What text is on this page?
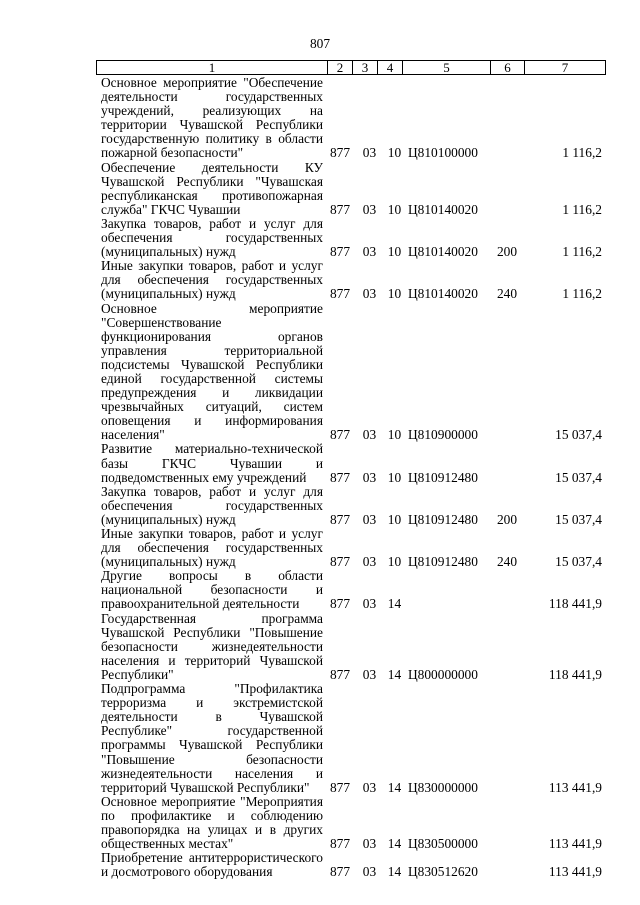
807
1	2	3	4	5	6	7
Основное мероприятие "Обеспечение деятельности государственных учреждений, реализующих на территории Чувашской Республики государственную политику в области пожарной безопасности"	877 03 10 Ц810100000	1 116,2
Обеспечение деятельности КУ Чувашской Республики "Чувашская республиканская противопожарная служба" ГКЧС Чувашии	877 03 10 Ц810140020	1 116,2
Закупка товаров, работ и услуг для обеспечения государственных (муниципальных) нужд	877 03 10 Ц810140020	200	1 116,2
Иные закупки товаров, работ и услуг для обеспечения государственных (муниципальных) нужд	877 03 10 Ц810140020	240	1 116,2
Основное мероприятие "Совершенствование функционирования органов управления территориальной подсистемы Чувашской Республики единой государственной системы предупреждения и ликвидации чрезвычайных ситуаций, систем оповещения и информирования населения"	877 03 10 Ц810900000	15 037,4
Развитие материально-технической базы ГКЧС Чувашии и подведомственных ему учреждений	877 03 10 Ц810912480	15 037,4
Закупка товаров, работ и услуг для обеспечения государственных (муниципальных) нужд	877 03 10 Ц810912480	200	15 037,4
Иные закупки товаров, работ и услуг для обеспечения государственных (муниципальных) нужд	877 03 10 Ц810912480	240	15 037,4
Другие вопросы в области национальной безопасности и правоохранительной деятельности	877 03 14	118 441,9
Государственная программа Чувашской Республики "Повышение безопасности жизнедеятельности населения и территорий Чувашской Республики"	877 03 14 Ц800000000	118 441,9
Подпрограмма "Профилактика терроризма и экстремистской деятельности в Чувашской Республике" государственной программы Чувашской Республики "Повышение безопасности жизнедеятельности населения и территорий Чувашской Республики"	877 03 14 Ц830000000	113 441,9
Основное мероприятие "Мероприятия по профилактике и соблюдению правопорядка на улицах и в других общественных местах"	877 03 14 Ц830500000	113 441,9
Приобретение антитеррористического и досмотрового оборудования	877 03 14 Ц830512620	113 441,9
